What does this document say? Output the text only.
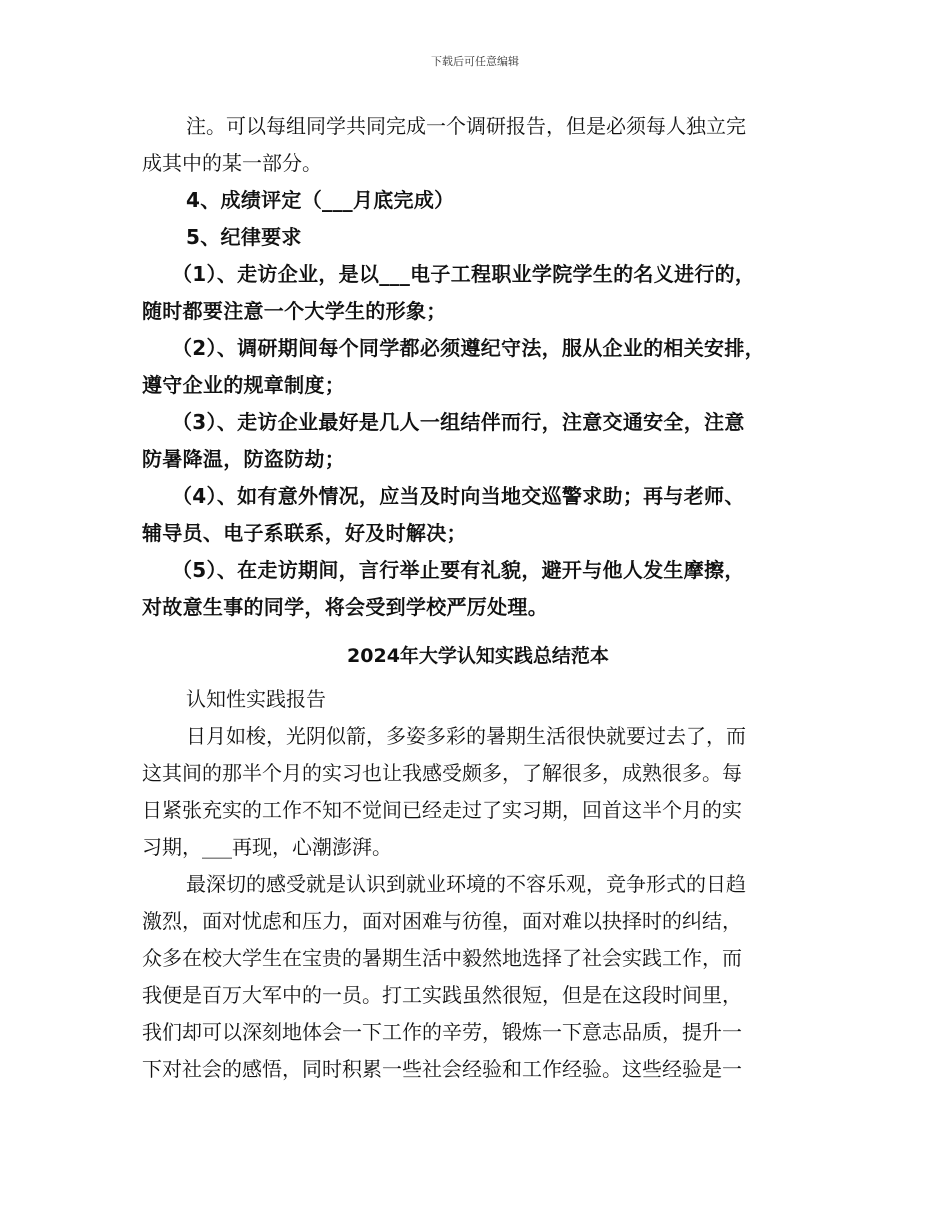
下载后可任意编辑
注。可以每组同学共同完成一个调研报告，但是必须每人独立完
成其中的某一部分。
4、成绩评定（___月底完成）
5、纪律要求
（1）、走访企业，是以___电子工程职业学院学生的名义进行的，
随时都要注意一个大学生的形象；
（2）、调研期间每个同学都必须遵纪守法，服从企业的相关安排，
遵守企业的规章制度；
（3）、走访企业最好是几人一组结伴而行，注意交通安全，注意
防暑降温，防盗防劫；
（4）、如有意外情况，应当及时向当地交巡警求助；再与老师、
辅导员、电子系联系，好及时解决；
（5）、在走访期间，言行举止要有礼貌，避开与他人发生摩擦，
对故意生事的同学，将会受到学校严厉处理。
2024年大学认知实践总结范本
认知性实践报告
日月如梭，光阴似箭，多姿多彩的暑期生活很快就要过去了，而
这其间的那半个月的实习也让我感受颇多，了解很多，成熟很多。每
日紧张充实的工作不知不觉间已经走过了实习期，回首这半个月的实
习期，___再现，心潮澎湃。
最深切的感受就是认识到就业环境的不容乐观，竞争形式的日趋
激烈，面对忧虑和压力，面对困难与彷徨，面对难以抉择时的纠结，
众多在校大学生在宝贵的暑期生活中毅然地选择了社会实践工作，而
我便是百万大军中的一员。打工实践虽然很短，但是在这段时间里，
我们却可以深刻地体会一下工作的辛劳，锻炼一下意志品质，提升一
下对社会的感悟，同时积累一些社会经验和工作经验。这些经验是一
